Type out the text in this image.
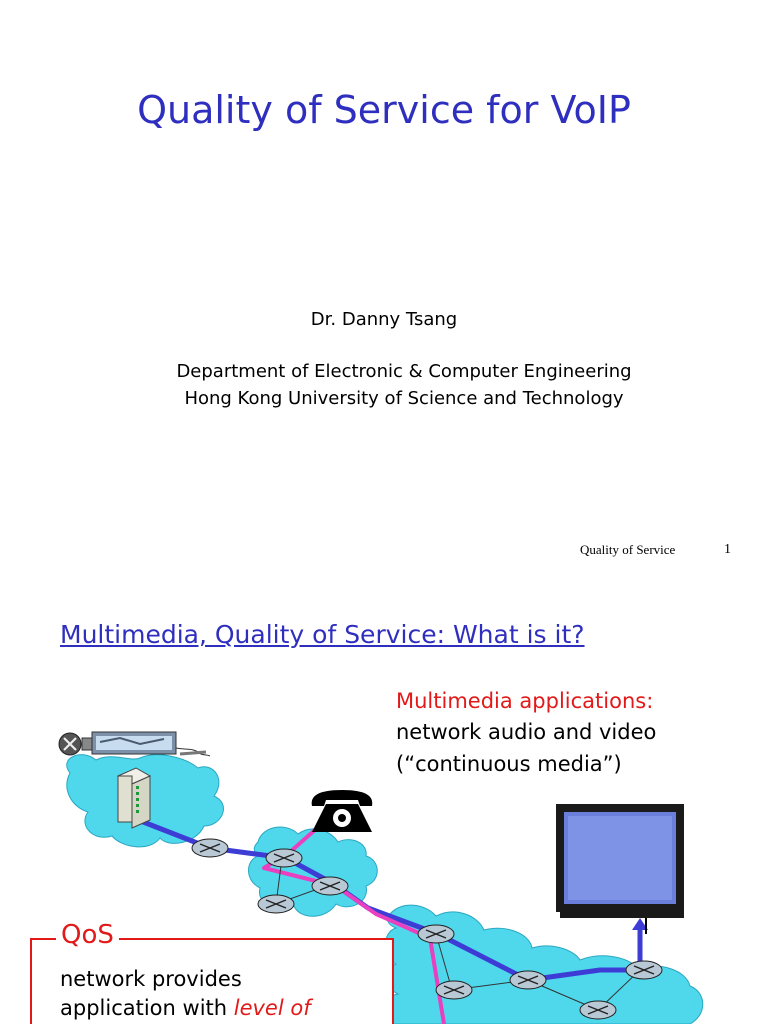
Quality of Service for VoIP
Dr. Danny Tsang
Department of Electronic & Computer Engineering
Hong Kong University of Science and Technology
Quality of Service	1
Multimedia, Quality of Service: What is it?
Multimedia applications:
network audio and video
(“continuous media”)
QoS
network provides
application with level of
